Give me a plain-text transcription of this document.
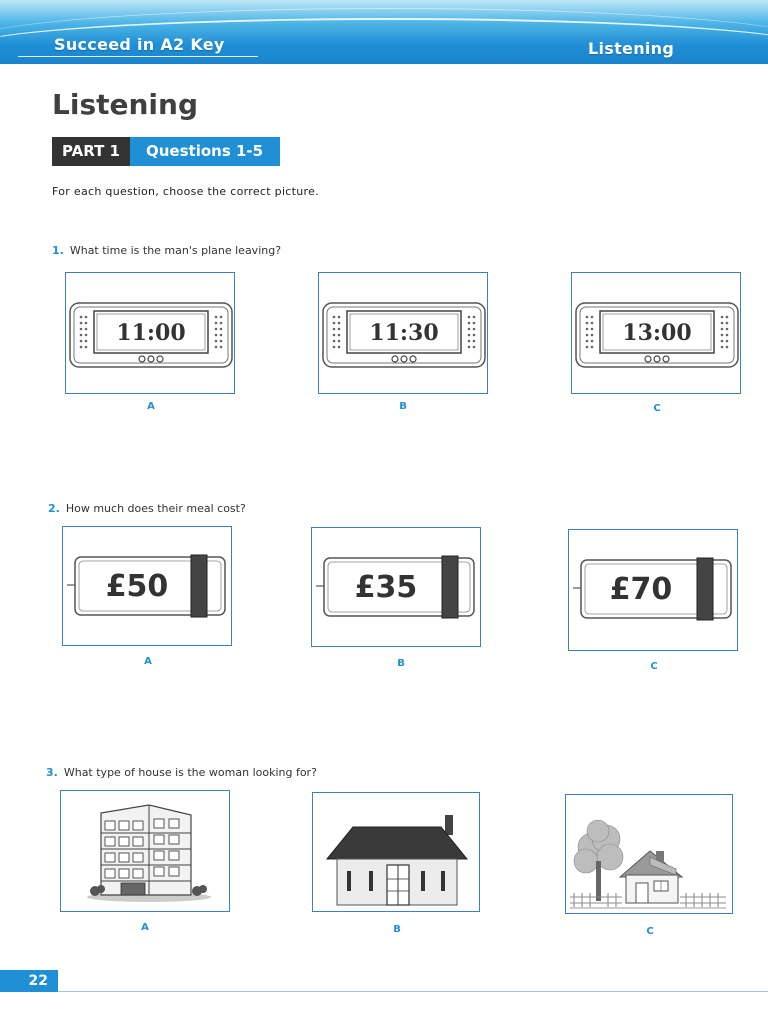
Succeed in A2 Key	Listening
Listening
PART 1	Questions 1-5
For each question, choose the correct picture.
1. What time is the man's plane leaving?
11:00
A
11:30
B
13:00
C
2. How much does their meal cost?
£50
A
£35
B
£70
C
3. What type of house is the woman looking for?
A	B	C
22
